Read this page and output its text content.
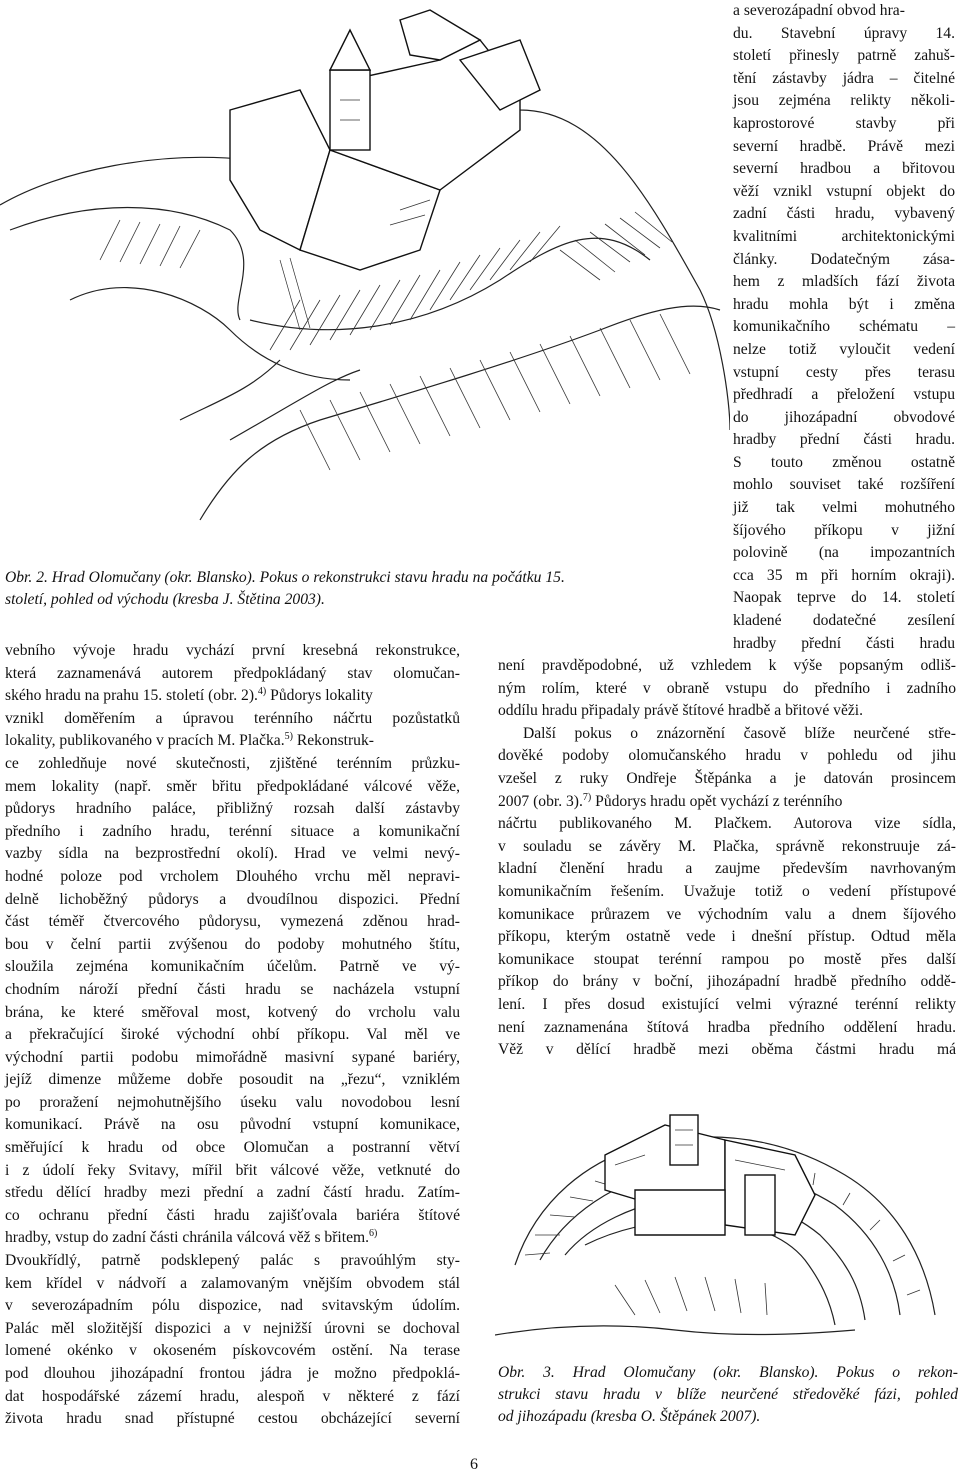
a severozápadní obvod hra-
du. Stavební úpravy 14.
století přinesly patrně zahuš-
tění zástavby jádra – čitelné
jsou zejména relikty několi-
kaprostorové stavby při
severní hradbě. Právě mezi
severní hradbou a břitovou
věží vznikl vstupní objekt do
zadní části hradu, vybavený
kvalitními architektonickými
články. Dodatečným zása-
hem z mladších fází života
hradu mohla být i změna
komunikačního schématu –
nelze totiž vyloučit vedení
vstupní cesty přes terasu
předhradí a přeložení vstupu
do jihozápadní obvodové
hradby přední části hradu.
S touto změnou ostatně
mohlo souviset také rozšíření
již tak velmi mohutného
šíjového příkopu v jižní
polovině (na impozantních
cca 35 m při horním okraji).
Naopak teprve do 14. století
kladené dodatečné zesílení
hradby přední části hradu
Obr. 2. Hrad Olomučany (okr. Blansko). Pokus o rekonstrukci stavu hradu na počátku 15.
století, pohled od východu (kresba J. Štětina 2003).
není pravděpodobné, už vzhledem k výše popsaným odliš-
ným rolím, které v obraně vstupu do předního i zadního
oddílu hradu připadaly právě štítové hradbě a břitové věži.
Další pokus o znázornění časově blíže neurčené stře-
dověké podoby olomučanského hradu v pohledu od jihu
vzešel z ruky Ondřeje Štěpánka a je datován prosincem
2007 (obr. 3).$^{7)}$ Půdorys hradu opět vychází z terénního
náčrtu publikovaného M. Plačkem. Autorova vize sídla,
v souladu se závěry M. Plačka, správně rekonstruuje zá-
kladní členění hradu a zaujme především navrhovaným
komunikačním řešením. Uvažuje totiž o vedení přístupové
komunikace průrazem ve východním valu a dnem šíjového
příkopu, kterým ostatně vede i dnešní přístup. Odtud měla
komunikace stoupat terénní rampou po mostě přes další
příkop do brány v boční, jihozápadní hradbě předního oddě-
lení. I přes dosud existující velmi výrazné terénní relikty
není zaznamenána štítová hradba předního oddělení hradu.
Věž v dělící hradbě mezi oběma částmi hradu má
vebního vývoje hradu vychází první kresebná rekonstrukce,
která zaznamenává autorem předpokládaný stav olomučan-
ského hradu na prahu 15. století (obr. 2).$^{4)}$ Půdorys lokality
vznikl doměřením a úpravou terénního náčrtu pozůstatků
lokality, publikovaného v pracích M. Plačka.$^{5)}$ Rekonstruk-
ce zohledňuje nové skutečnosti, zjištěné terénním průzku-
mem lokality (např. směr břitu předpokládané válcové věže,
půdorys hradního paláce, přibližný rozsah další zástavby
předního i zadního hradu, terénní situace a komunikační
vazby sídla na bezprostřední okolí). Hrad ve velmi nevý-
hodné poloze pod vrcholem Dlouhého vrchu měl nepravi-
delně lichoběžný půdorys a dvoudílnou dispozici. Přední
část téměř čtvercového půdorysu, vymezená zděnou hrad-
bou v čelní partii zvýšenou do podoby mohutného štítu,
sloužila zejména komunikačním účelům. Patrně ve vý-
chodním nároží přední části hradu se nacházela vstupní
brána, ke které směřoval most, kotvený do vrcholu valu
a překračující široké východní ohbí příkopu. Val měl ve
východní partii podobu mimořádně masivní sypané bariéry,
jejíž dimenze můžeme dobře posoudit na „řezu“, vzniklém
po proražení nejmohutnějšího úseku valu novodobou lesní
komunikací. Právě na osu původní vstupní komunikace,
směřující k hradu od obce Olomučan a postranní větví
i z údolí řeky Svitavy, mířil břit válcové věže, vetknuté do
středu dělící hradby mezi přední a zadní částí hradu. Zatím-
co ochranu přední části hradu zajišťovala bariéra štítové
hradby, vstup do zadní části chránila válcová věž s břitem.$^{6)}$
Dvoukřídlý, patrně podsklepený palác s pravoúhlým sty-
kem křídel v nádvoří a zalamovaným vnějším obvodem stál
v severozápadním pólu dispozice, nad svitavským údolím.
Palác měl složitější dispozici a v nejnižší úrovni se dochoval
lomené okénko v okoseném pískovcovém ostění. Na terase
pod dlouhou jihozápadní frontou jádra je možno předpoklá-
dat hospodářské zázemí hradu, alespoň v některé z fází
života hradu snad přístupné cestou obcházející severní
Obr. 3. Hrad Olomučany (okr. Blansko). Pokus o rekon-
strukci stavu hradu v blíže neurčené středověké fázi, pohled
od jihozápadu (kresba O. Štěpánek 2007).
6
